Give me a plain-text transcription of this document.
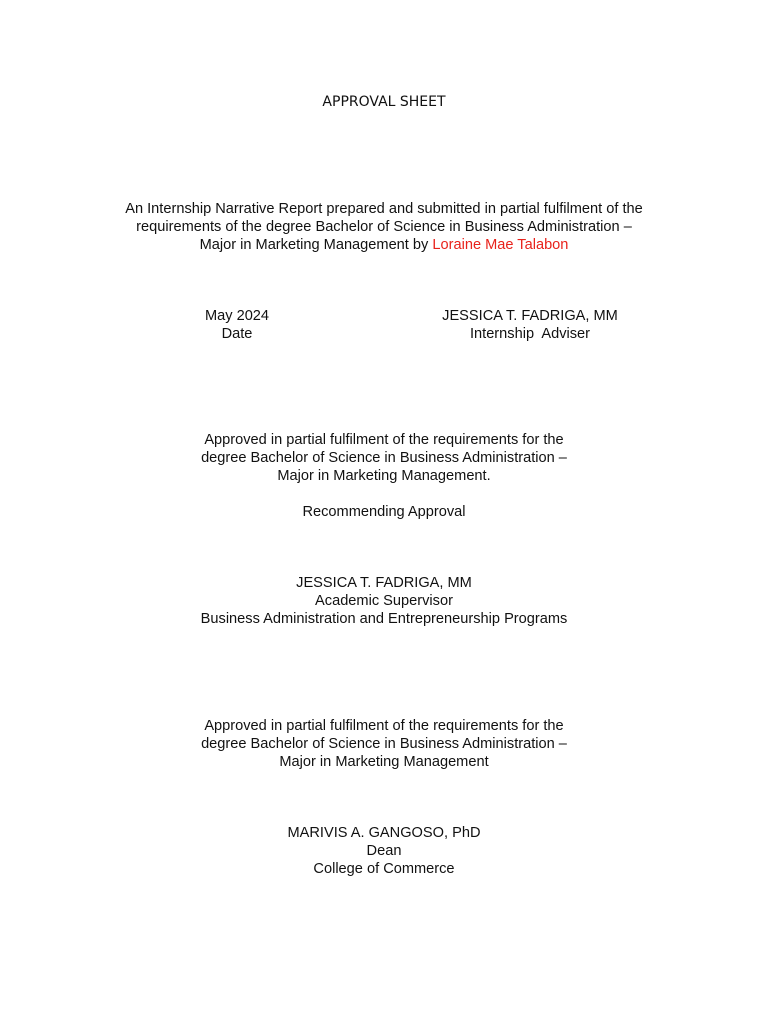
APPROVAL SHEET
An Internship Narrative Report prepared and submitted in partial fulfilment of the
requirements of the degree Bachelor of Science in Business Administration –
Major in Marketing Management by Loraine Mae Talabon
May 2024
Date
JESSICA T. FADRIGA, MM
Internship  Adviser
Approved in partial fulfilment of the requirements for the
degree Bachelor of Science in Business Administration –
Major in Marketing Management.
Recommending Approval
JESSICA T. FADRIGA, MM
Academic Supervisor
Business Administration and Entrepreneurship Programs
Approved in partial fulfilment of the requirements for the
degree Bachelor of Science in Business Administration –
Major in Marketing Management
MARIVIS A. GANGOSO, PhD
Dean
College of Commerce
